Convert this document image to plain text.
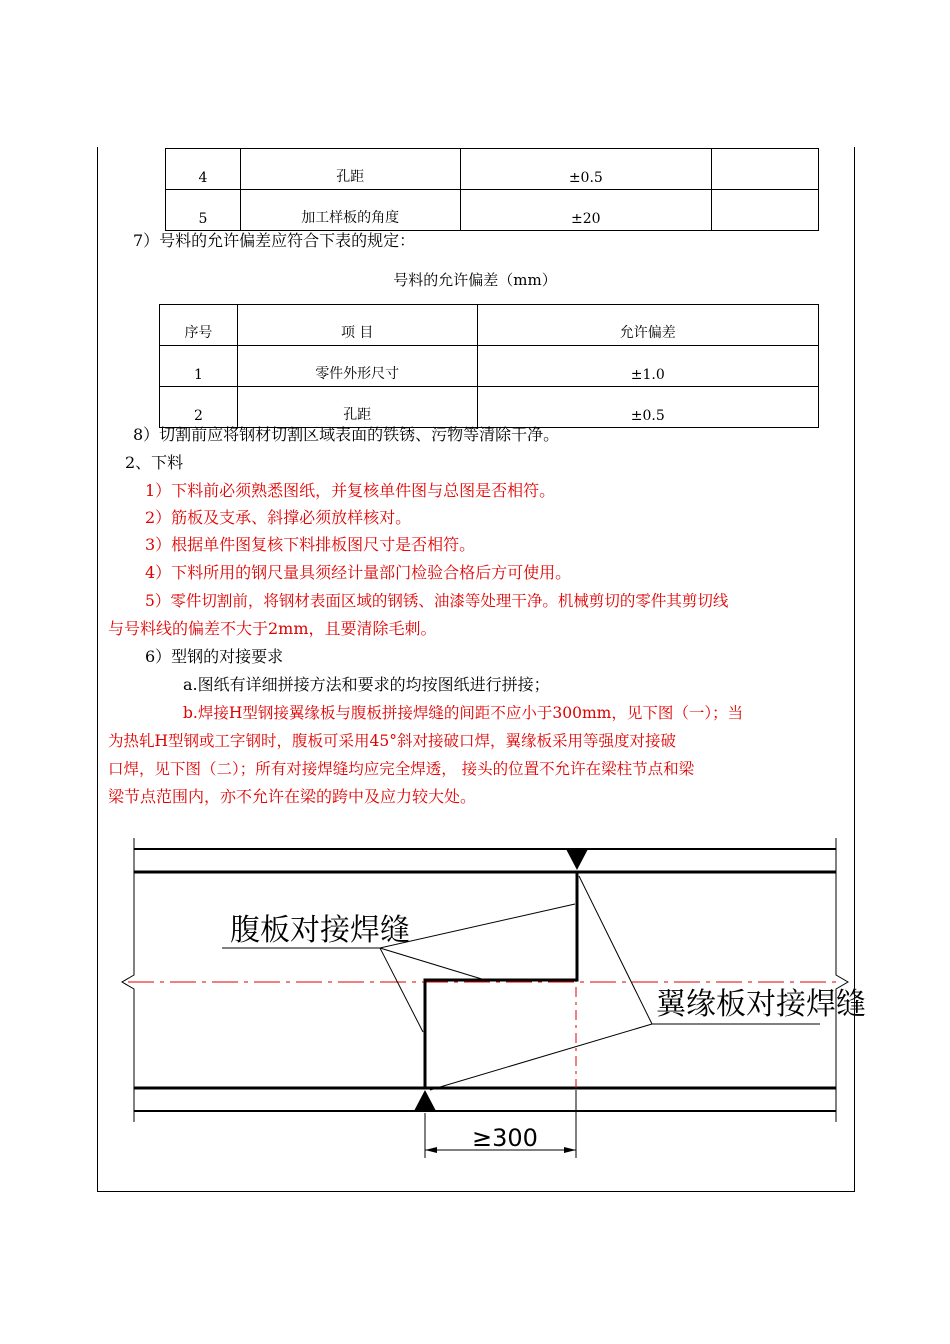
4	孔距	±0.5	
5	加工样板的角度	±20	
7）号料的允许偏差应符合下表的规定：
号料的允许偏差（mm）
序号	项 目	允许偏差
1	零件外形尺寸	±1.0
2	孔距	±0.5
8）切割前应将钢材切割区域表面的铁锈、污物等清除干净。
2、下料
1）下料前必须熟悉图纸，并复核单件图与总图是否相符。
2）筋板及支承、斜撑必须放样核对。
3）根据单件图复核下料排板图尺寸是否相符。
4）下料所用的钢尺量具须经计量部门检验合格后方可使用。
5）零件切割前，将钢材表面区域的钢锈、油漆等处理干净。机械剪切的零件其剪切线
与号料线的偏差不大于2mm，且要清除毛刺。
6）型钢的对接要求
a.图纸有详细拼接方法和要求的均按图纸进行拼接；
b.焊接H型钢接翼缘板与腹板拼接焊缝的间距不应小于300mm，见下图（一）；当
为热轧H型钢或工字钢时，腹板可采用45°斜对接破口焊，翼缘板采用等强度对接破
口焊，见下图（二）；所有对接焊缝均应完全焊透， 接头的位置不允许在梁柱节点和梁
梁节点范围内，亦不允许在梁的跨中及应力较大处。
腹板对接焊缝
翼缘板对接焊缝
≥300
